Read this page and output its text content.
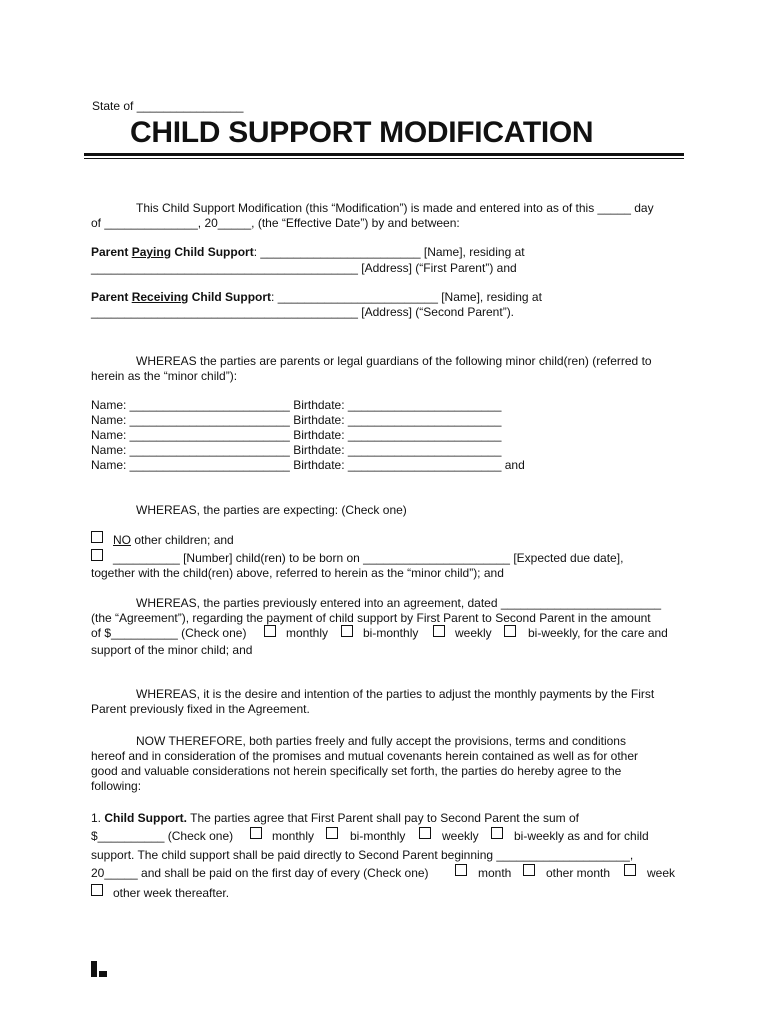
State of ________________
CHILD SUPPORT MODIFICATION
This Child Support Modification (this “Modification”) is made and entered into as of this _____ day
of ______________, 20_____, (the “Effective Date”) by and between:
Parent Paying Child Support: ________________________ [Name], residing at
________________________________________ [Address] (“First Parent”) and
Parent Receiving Child Support: ________________________ [Name], residing at
________________________________________ [Address] (“Second Parent”).
WHEREAS the parties are parents or legal guardians of the following minor child(ren) (referred to
herein as the “minor child”):
Name: ________________________ Birthdate: _______________________
Name: ________________________ Birthdate: _______________________
Name: ________________________ Birthdate: _______________________
Name: ________________________ Birthdate: _______________________
Name: ________________________ Birthdate: _______________________ and
WHEREAS, the parties are expecting: (Check one)
NO other children; and
__________ [Number] child(ren) to be born on ______________________ [Expected due date],
together with the child(ren) above, referred to herein as the “minor child”); and
WHEREAS, the parties previously entered into an agreement, dated ________________________
(the “Agreement”), regarding the payment of child support by First Parent to Second Parent in the amount
of $__________ (Check one)	monthly	bi-monthly	weekly	bi-weekly, for the care and
support of the minor child; and
WHEREAS, it is the desire and intention of the parties to adjust the monthly payments by the First
Parent previously fixed in the Agreement.
NOW THEREFORE, both parties freely and fully accept the provisions, terms and conditions
hereof and in consideration of the promises and mutual covenants herein contained as well as for other
good and valuable considerations not herein specifically set forth, the parties do hereby agree to the
following:
1. Child Support. The parties agree that First Parent shall pay to Second Parent the sum of
$__________ (Check one)	monthly	bi-monthly	weekly	bi-weekly as and for child
support. The child support shall be paid directly to Second Parent beginning ____________________,
20_____ and shall be paid on the first day of every (Check one)	month	other month	week
other week thereafter.
